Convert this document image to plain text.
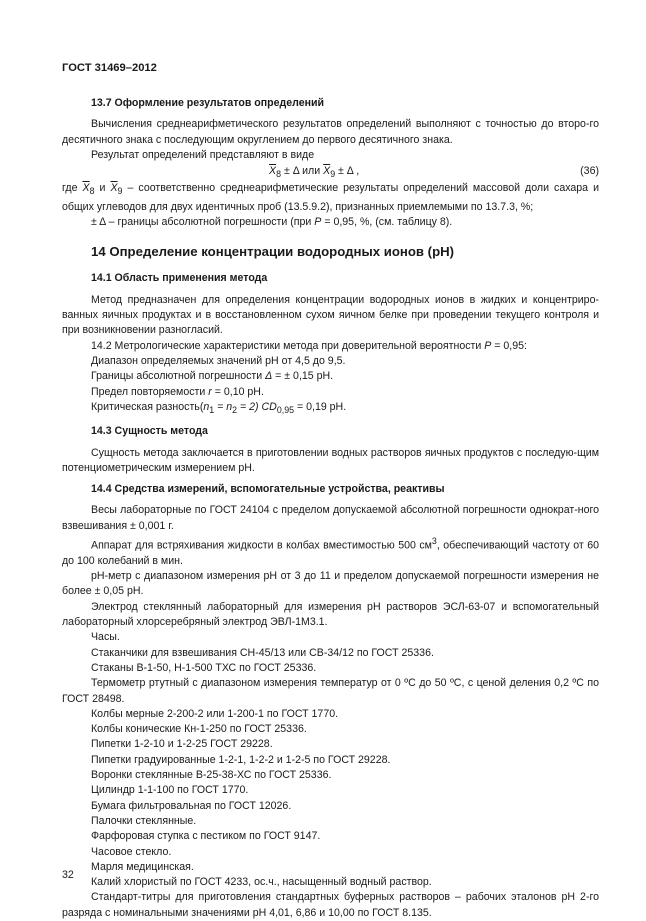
ГОСТ 31469–2012

13.7 Оформление результатов определений

Вычисления среднеарифметического результатов определений выполняют с точностью до второ-го десятичного знака с последующим округлением до первого десятичного знака.

Результат определений представляют в виде

$\overline{X}_8 \pm \Delta$ или $\overline{X}_9 \pm \Delta$ ,	(36)

где $\overline{X}_8$ и $\overline{X}_9$ – соответственно среднеарифметические результаты определений массовой доли сахара и общих углеводов для двух идентичных проб (13.5.9.2), признанных приемлемыми по 13.7.3, %;

± Δ – границы абсолютной погрешности (при Р = 0,95, %, (см. таблицу 8).

14 Определение концентрации водородных ионов (рН)

14.1 Область применения метода

Метод предназначен для определения концентрации водородных ионов в жидких и концентриро-ванных яичных продуктах и в восстановленном сухом яичном белке при проведении текущего контроля и при возникновении разногласий.

14.2 Метрологические характеристики метода при доверительной вероятности Р = 0,95:

Диапазон определяемых значений рН от 4,5 до 9,5.

Границы абсолютной погрешности Δ = ± 0,15 рН.

Предел повторяемости r = 0,10 рН.

Критическая $разность(n_1 = n_2 = 2) CD_{0,95} = 0,19$ рН.

14.3 Сущность метода

Сущность метода заключается в приготовлении водных растворов яичных продуктов с последую-щим потенциометрическим измерением рН.

14.4 Средства измерений, вспомогательные устройства, реактивы

Весы лабораторные по ГОСТ 24104 с пределом допускаемой абсолютной погрешности однократ-ного взвешивания ± 0,001 г.

Аппарат для встряхивания жидкости в колбах вместимостью 500 $см^3$, обеспечивающий частоту от 60 до 100 колебаний в мин.

рН-метр с диапазоном измерения рН от 3 до 11 и пределом допускаемой погрешности измерения не более ± 0,05 рН.

Электрод стеклянный лабораторный для измерения рН растворов ЭСЛ-63-07 и вспомогательный лабораторный хлорсеребряный электрод ЭВЛ-1М3.1.

Часы.

Стаканчики для взвешивания СН-45/13 или СВ-34/12 по ГОСТ 25336.

Стаканы В-1-50, Н-1-500 ТХС по ГОСТ 25336.

Термометр ртутный с диапазоном измерения температур от 0 ºС до 50 ºС, с ценой деления 0,2 ºС по ГОСТ 28498.

Колбы мерные 2-200-2 или 1-200-1 по ГОСТ 1770.

Колбы конические Кн-1-250 по ГОСТ 25336.

Пипетки 1-2-10 и 1-2-25 ГОСТ 29228.

Пипетки градуированные 1-2-1, 1-2-2 и 1-2-5 по ГОСТ 29228.

Воронки стеклянные В-25-38-ХС по ГОСТ 25336.

Цилиндр 1-1-100 по ГОСТ 1770.

Бумага фильтровальная по ГОСТ 12026.

Палочки стеклянные.

Фарфоровая ступка с пестиком по ГОСТ 9147.

Часовое стекло.

Марля медицинская.

Калий хлористый по ГОСТ 4233, ос.ч., насыщенный водный раствор.

Стандарт-титры для приготовления стандартных буферных растворов – рабочих эталонов рН 2-го разряда с номинальными значениями рН 4,01, 6,86 и 10,00 по ГОСТ 8.135.

32
